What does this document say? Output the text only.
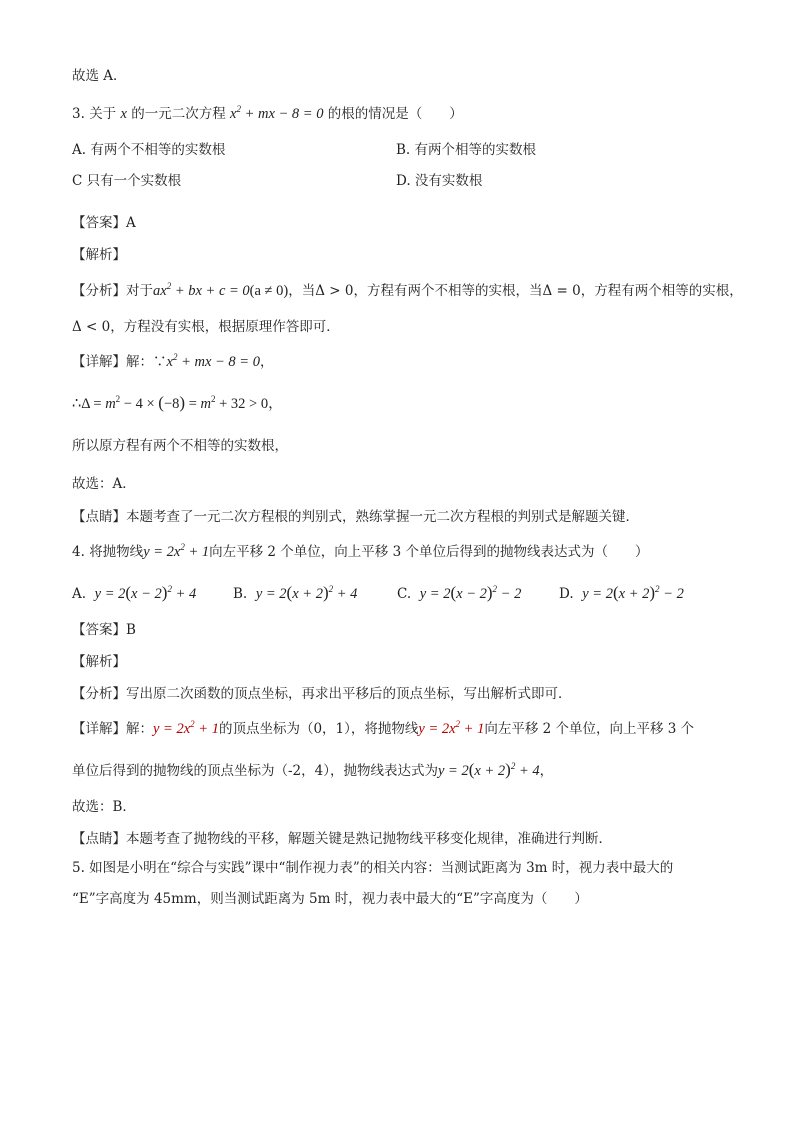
故选 A．
3. 关于 x 的一元二次方程 $x^2$ + mx − 8 = 0 的根的情况是（　　）
A. 有两个不相等的实数根	B. 有两个相等的实数根
C 只有一个实数根	D. 没有实数根
【答案】A
【解析】
【分析】对于$ax^2$ + bx + c = 0(a ≠ 0)，当Δ > 0，方程有两个不相等的实根，当Δ = 0，方程有两个相等的实根，
Δ < 0，方程没有实根，根据原理作答即可．
【详解】解：$\because x^2$ + mx − 8 = 0，
∴Δ = $m^2 - 4 \times (-8) = m^2 + 32 > 0$，
所以原方程有两个不相等的实数根，
故选：A．
【点睛】本题考查了一元二次方程根的判别式，熟练掌握一元二次方程根的判别式是解题关键．
4. 将抛物线$y = 2x^2 + 1$向左平移 2 个单位，向上平移 3 个单位后得到的抛物线表达式为（　　）
A. $y = 2(x - 2)^2 + 4$	B. $y = 2(x + 2)^2 + 4$	C. $y = 2(x - 2)^2 - 2$	D. $y = 2(x + 2)^2 - 2$
【答案】B
【解析】
【分析】写出原二次函数的顶点坐标，再求出平移后的顶点坐标，写出解析式即可．
【详解】解：$y = 2x^2 + 1$的顶点坐标为（0，1），将抛物线$y = 2x^2 + 1$向左平移 2 个单位，向上平移 3 个
单位后得到的抛物线的顶点坐标为（-2，4），抛物线表达式为$y = 2(x + 2)^2 + 4$，
故选：B．
【点睛】本题考查了抛物线的平移，解题关键是熟记抛物线平移变化规律，准确进行判断．
5. 如图是小明在“综合与实践”课中“制作视力表”的相关内容：当测试距离为 3m 时，视力表中最大的
“E”字高度为 45mm，则当测试距离为 5m 时，视力表中最大的“E”字高度为（　　）
